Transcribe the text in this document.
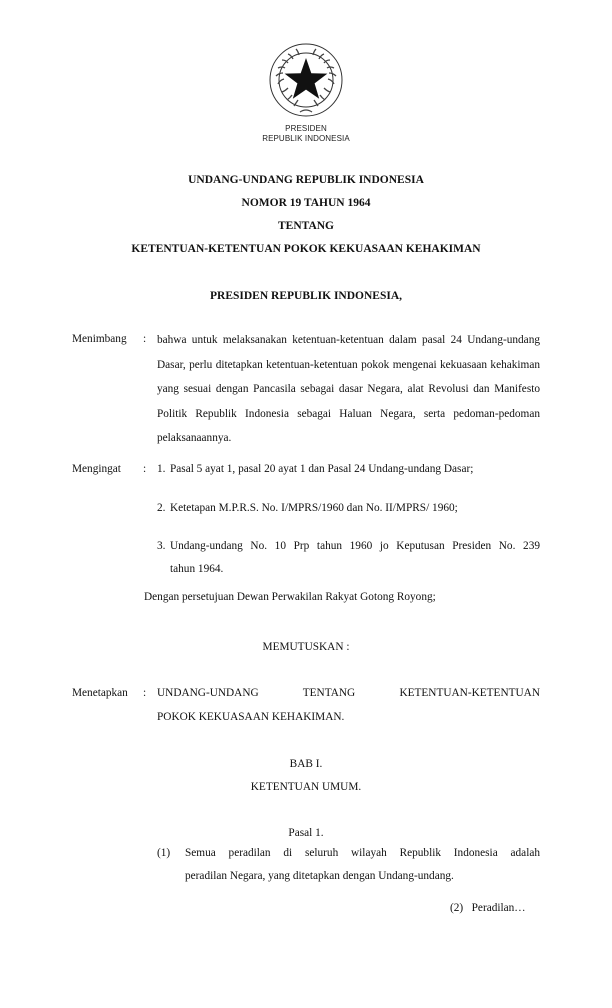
PRESIDEN
REPUBLIK INDONESIA
UNDANG-UNDANG REPUBLIK INDONESIA
NOMOR 19 TAHUN 1964
TENTANG
KETENTUAN-KETENTUAN POKOK KEKUASAAN KEHAKIMAN
PRESIDEN REPUBLIK INDONESIA,
Menimbang : bahwa untuk melaksanakan ketentuan-ketentuan dalam pasal 24 Undang-undang Dasar, perlu ditetapkan ketentuan-ketentuan pokok mengenai kekuasaan kehakiman yang sesuai dengan Pancasila sebagai dasar Negara, alat Revolusi dan Manifesto Politik Republik Indonesia sebagai Haluan Negara, serta pedoman-pedoman pelaksanaannya.
Mengingat : 1. Pasal 5 ayat 1, pasal 20 ayat 1 dan Pasal 24 Undang-undang Dasar;
2. Ketetapan M.P.R.S. No. I/MPRS/1960 dan No. II/MPRS/ 1960;
3. Undang-undang No. 10 Prp tahun 1960 jo Keputusan Presiden No. 239
tahun 1964.
Dengan persetujuan Dewan Perwakilan Rakyat Gotong Royong;
MEMUTUSKAN :
Menetapkan : UNDANG-UNDANG TENTANG KETENTUAN-KETENTUAN
POKOK KEKUASAAN KEHAKIMAN.
BAB I.
KETENTUAN UMUM.
Pasal 1.
(1) Semua peradilan di seluruh wilayah Republik Indonesia adalah
peradilan Negara, yang ditetapkan dengan Undang-undang.
(2)   Peradilan…
